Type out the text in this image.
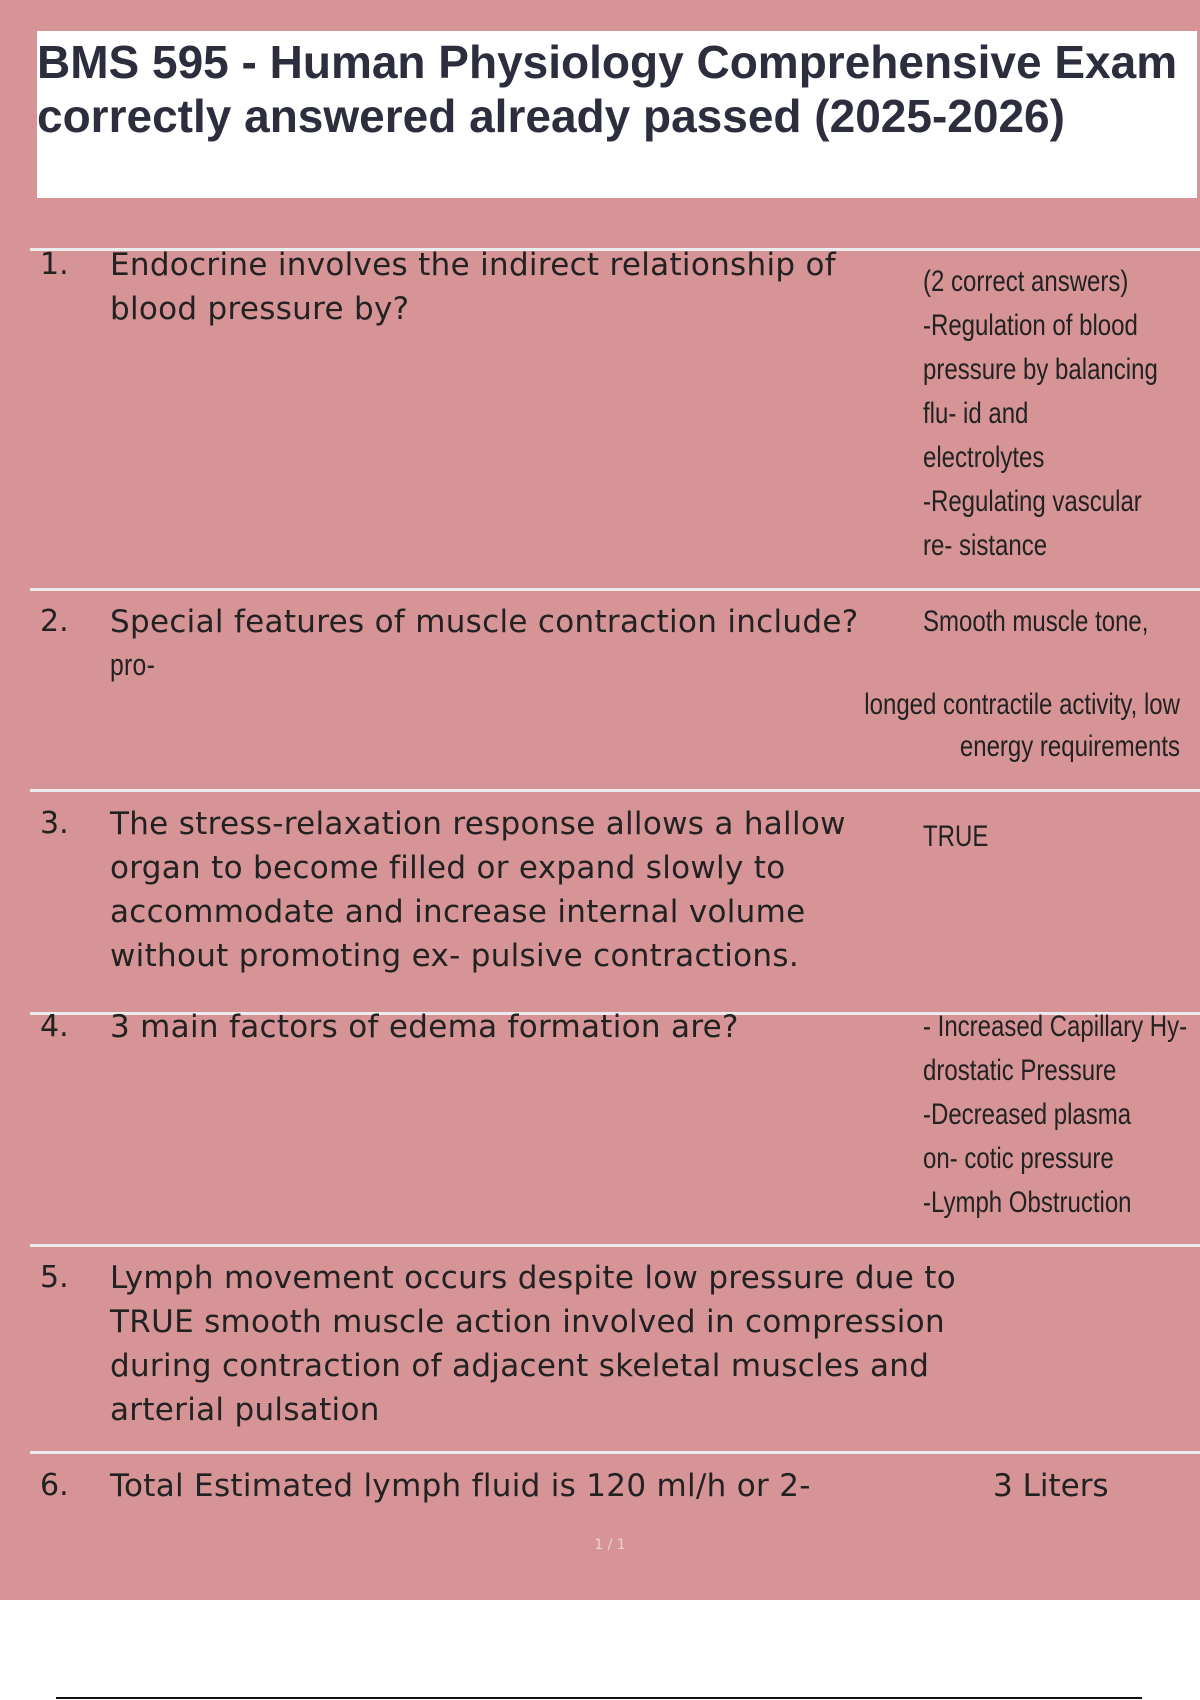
BMS 595 - Human Physiology Comprehensive Exam correctly answered already passed (2025-2026)
1. Endocrine involves the indirect relationship of blood pressure by?

(2 correct answers)
-Regulation of blood
pressure by balancing
flu- id and
electrolytes
-Regulating vascular
re- sistance
2. Special features of muscle contraction include?

pro-
Smooth muscle tone,
longed contractile activity, low
energy requirements
3. The stress-relaxation response allows a hallow organ to become filled or expand slowly to accommodate and increase internal volume without promoting ex- pulsive contractions.

TRUE
4. 3 main factors of edema formation are?	- Increased Capillary Hy-
drostatic Pressure
-Decreased plasma
on- cotic pressure
-Lymph Obstruction
5. Lymph movement occurs despite low pressure due to TRUE smooth muscle action involved in compression during contraction of adjacent skeletal muscles and arterial pulsation

6. Total Estimated lymph fluid is 120 ml/h or 2-	3 Liters
1 / 1
